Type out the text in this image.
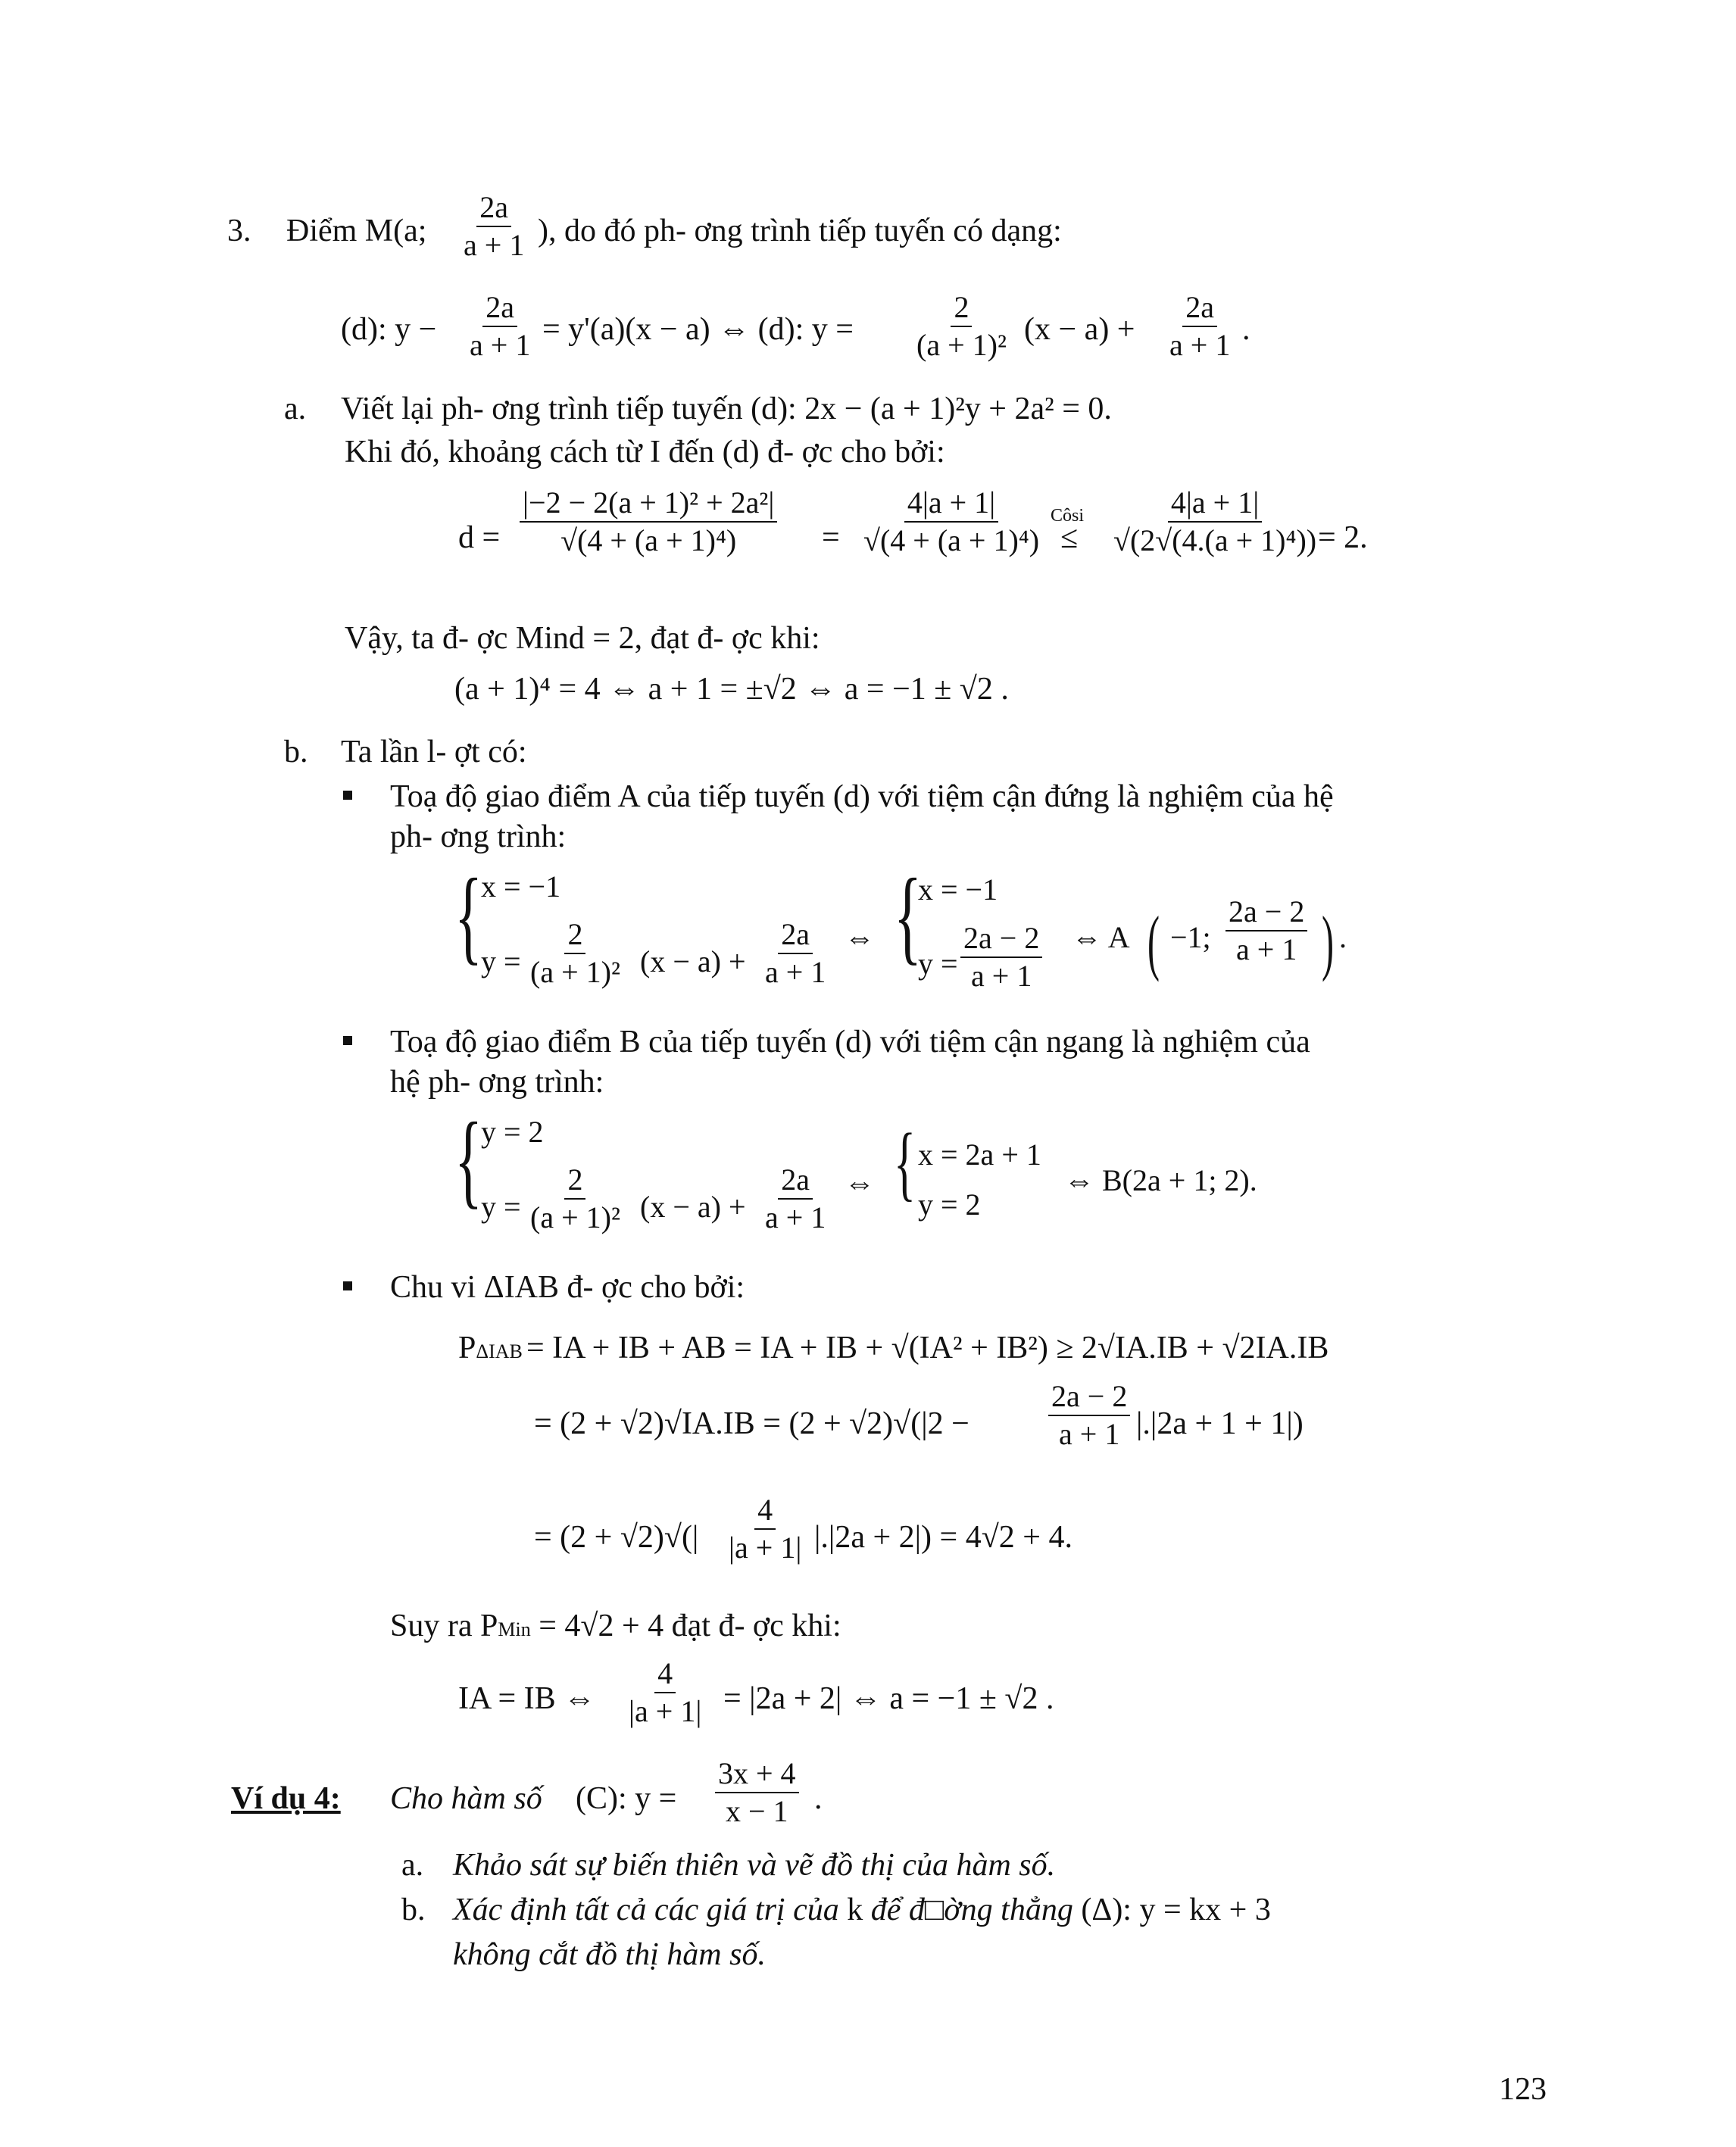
3. Điểm M(a; $\frac{2a}{a + 1}$ ), do đó ph- ơng trình tiếp tuyến có dạng:
(d): $y - \frac{2a}{a + 1} = y'(a)(x - a)$ ⇔ (d): $y = \frac{2}{\text{(a + 1)²}} (x - a) + \frac{2a}{a + 1}$ .
a. Viết lại ph- ơng trình tiếp tuyến (d): 2x − (a + 1)²y + 2a² = 0.
Khi đó, khoảng cách từ I đến (d) đ- ợc cho bởi:
$d = \frac{\text{|−2 − 2(a + 1)² + 2a²|}}{\text{√(4 + (a + 1)⁴)}} = \frac{4|a + 1|}{\text{√(4 + (a + 1)⁴)}}$ Côsi
≤ $\frac{4|a + 1|}{\text{√(2√(4.(a + 1)⁴))}}$
= 2.
Vậy, ta đ- ợc Mind = 2, đạt đ- ợc khi:
(a + 1)⁴ = 4 ⇔ a + 1 = ±√2 ⇔ a = −1 ± √2 .
b. Ta lần l- ợt có:
Toạ độ giao điểm A của tiếp tuyến (d) với tiệm cận đứng là nghiệm của hệ
ph- ơng trình:
{
x = −1
$y = \frac{2}{\text{(a + 1)²}} (x - a) + \frac{2a}{a + 1}$ ⇔ {
x = −1
$y = \frac{2a - 2}{a + 1}$ ⇔ A ( −1; $\frac{2a - 2}{a + 1}$ ) .
Toạ độ giao điểm B của tiếp tuyến (d) với tiệm cận ngang là nghiệm của
hệ ph- ơng trình:
{
y = 2
$y = \frac{2}{\text{(a + 1)²}} (x - a) + \frac{2a}{a + 1}$ ⇔ { x = 2a + 1
y = 2
⇔ B(2a + 1; 2).
Chu vi ΔIAB đ- ợc cho bởi:
PΔIAB = IA + IB + AB = IA + IB + √(IA² + IB²) ≥ 2√IA.IB + √2IA.IB
= (2 + √2)√IA.IB = (2 + √2)√(|2 −	$\frac{2a - 2}{a + 1} |.|2a + 1 + 1|$)
= $(2 + √2)√(| \frac{4}{|a + 1|} |.|2a + 2|) = 4√2 + 4$.
Suy ra PMin = 4√2 + 4 đạt đ- ợc khi:
IA = IB ⇔ $\frac{4}{|a + 1|} = |2a + 2|$ ⇔ a = −1 ± √2 .
Ví dụ 4: Cho hàm số (C): $y = \frac{3x + 4}{x - 1}$ .
a. Khảo sát sự biến thiên và vẽ đồ thị của hàm số.
b. Xác định tất cả các giá trị của k để đ□ờng thẳng (Δ): y = kx + 3
không cắt đồ thị hàm số.
123
